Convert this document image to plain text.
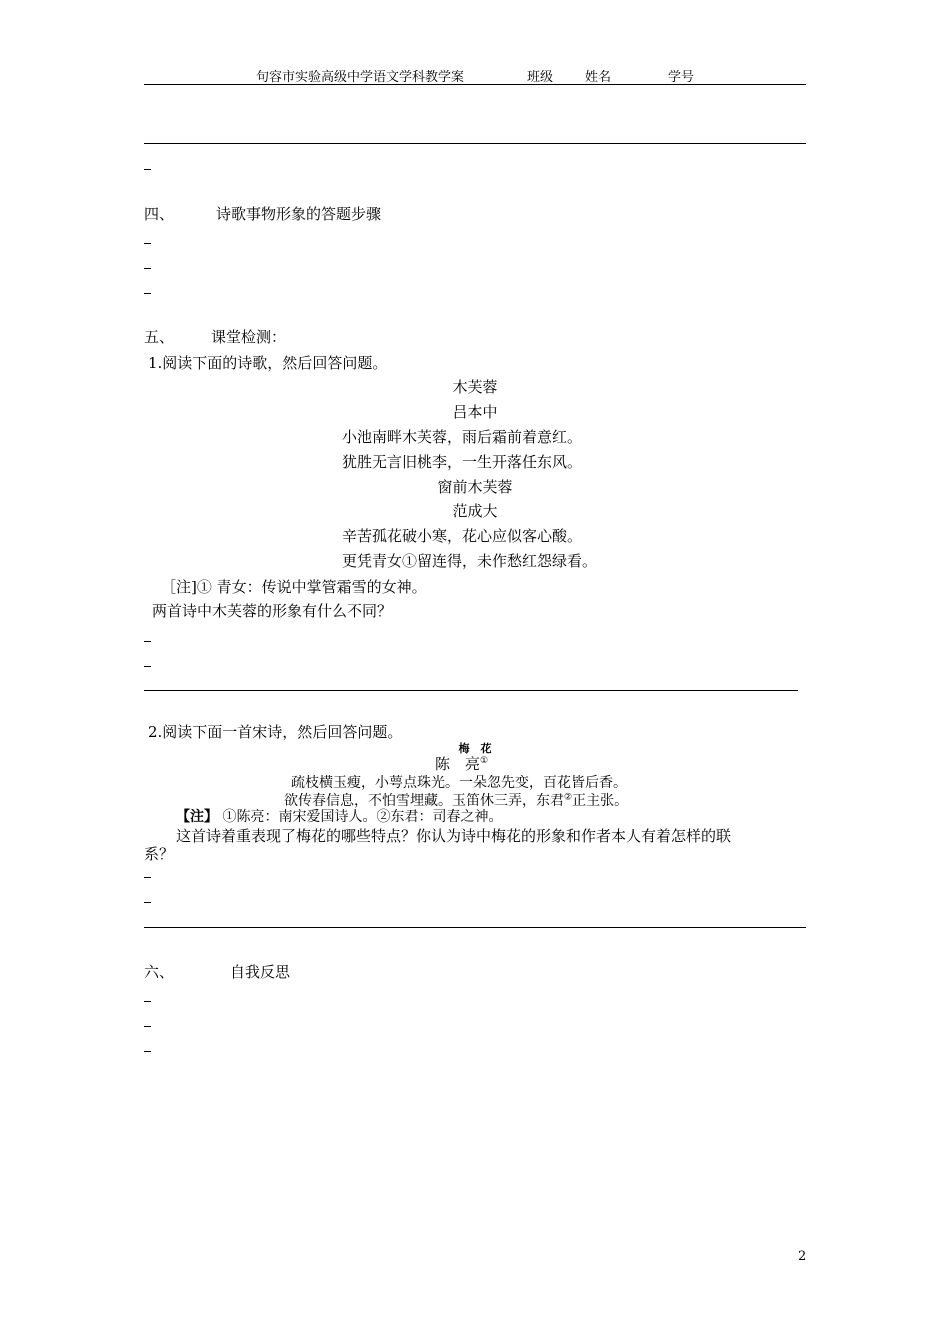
句容市实验高级中学语文学科教学案	班级 姓名	学号
四、	诗歌事物形象的答题步骤
五、 课堂检测：
1.阅读下面的诗歌，然后回答问题。
木芙蓉
吕本中
小池南畔木芙蓉，雨后霜前着意红。
犹胜无言旧桃李，一生开落任东风。
窗前木芙蓉
范成大
辛苦孤花破小寒，花心应似客心酸。
更凭青女①留连得，未作愁红怨绿看。
［注]① 青女：传说中掌管霜雪的女神。
两首诗中木芙蓉的形象有什么不同？
2.阅读下面一首宋诗，然后回答问题。
梅　花
陈　亮①
疏枝横玉瘦，小萼点珠光。一朵忽先变，百花皆后香。
欲传春信息，不怕雪埋藏。玉笛休三弄，东君②正主张。
【注】 ①陈亮：南宋爱国诗人。②东君：司春之神。
这首诗着重表现了梅花的哪些特点？你认为诗中梅花的形象和作者本人有着怎样的联
系？
六、	自我反思
2
